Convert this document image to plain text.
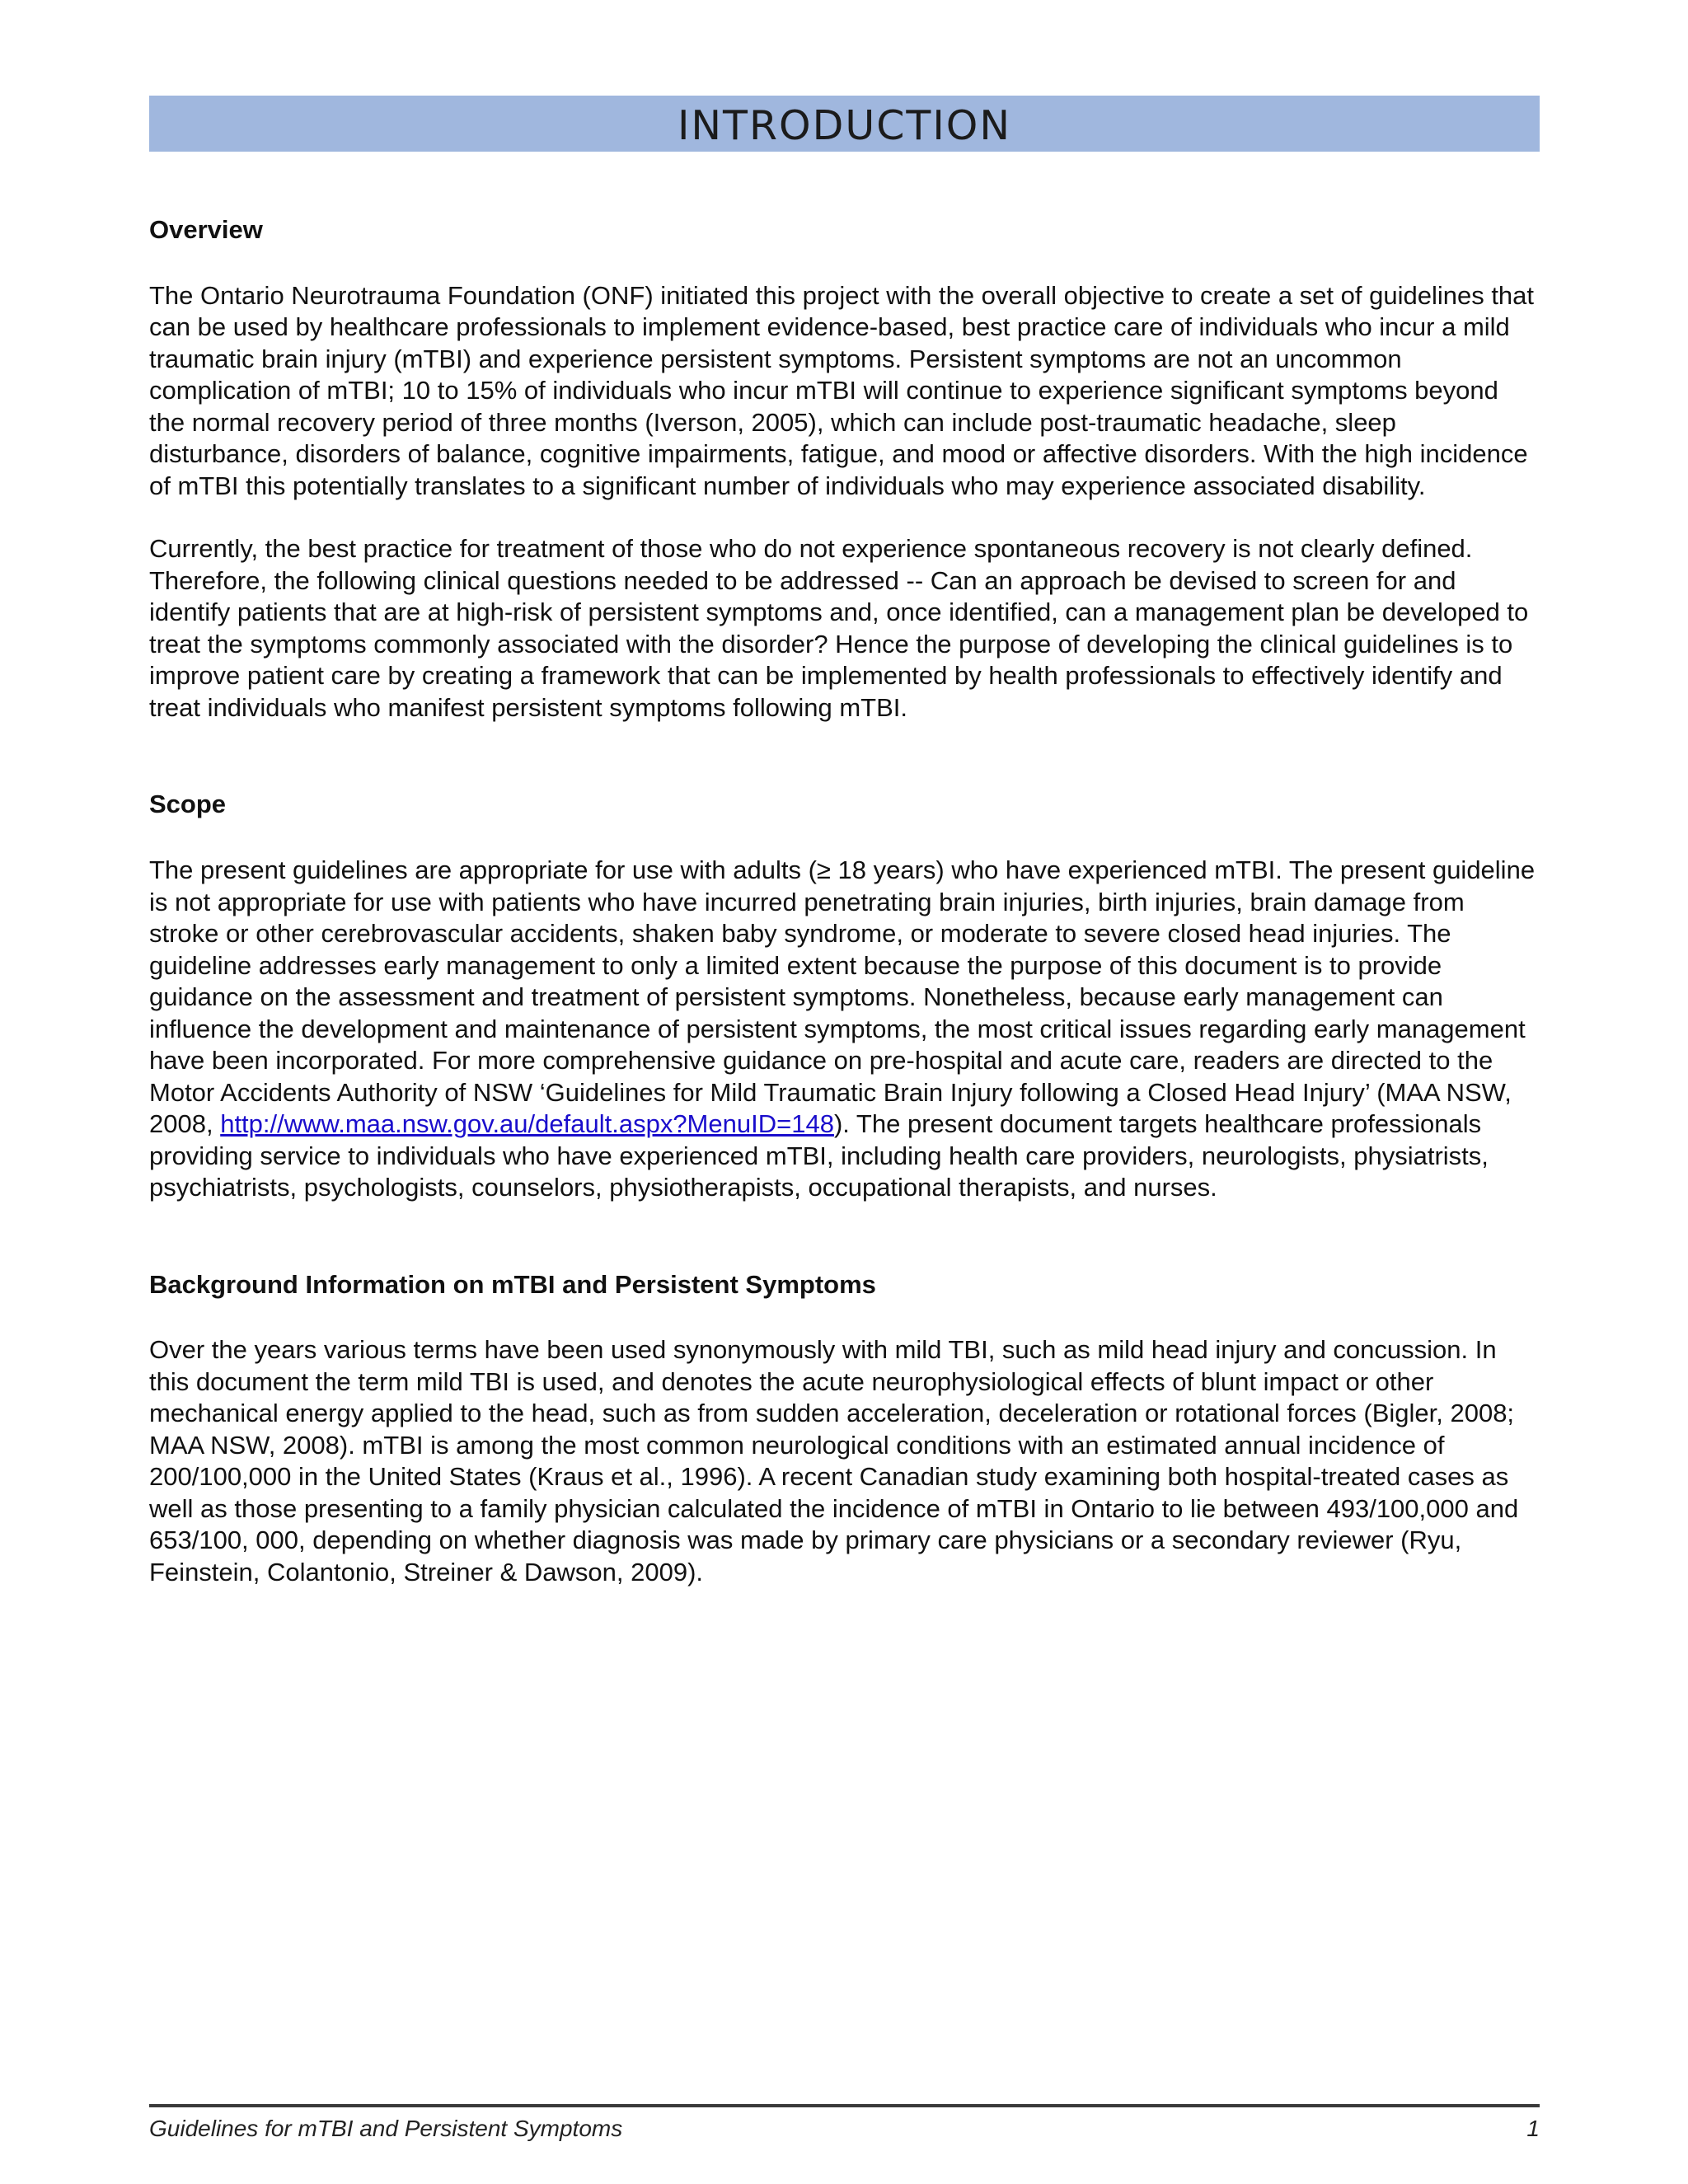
INTRODUCTION
Overview

The Ontario Neurotrauma Foundation (ONF) initiated this project with the overall objective to create a set of guidelines that can be used by healthcare professionals to implement evidence-based, best practice care of individuals who incur a mild traumatic brain injury (mTBI) and experience persistent symptoms. Persistent symptoms are not an uncommon complication of mTBI; 10 to 15% of individuals who incur mTBI will continue to experience significant symptoms beyond the normal recovery period of three months (Iverson, 2005), which can include post-traumatic headache, sleep disturbance, disorders of balance, cognitive impairments, fatigue, and mood or affective disorders. With the high incidence of mTBI this potentially translates to a significant number of individuals who may experience associated disability.

Currently, the best practice for treatment of those who do not experience spontaneous recovery is not clearly defined. Therefore, the following clinical questions needed to be addressed -- Can an approach be devised to screen for and identify patients that are at high-risk of persistent symptoms and, once identified, can a management plan be developed to treat the symptoms commonly associated with the disorder? Hence the purpose of developing the clinical guidelines is to improve patient care by creating a framework that can be implemented by health professionals to effectively identify and treat individuals who manifest persistent symptoms following mTBI.

Scope

The present guidelines are appropriate for use with adults (≥ 18 years) who have experienced mTBI. The present guideline is not appropriate for use with patients who have incurred penetrating brain injuries, birth injuries, brain damage from stroke or other cerebrovascular accidents, shaken baby syndrome, or moderate to severe closed head injuries. The guideline addresses early management to only a limited extent because the purpose of this document is to provide guidance on the assessment and treatment of persistent symptoms. Nonetheless, because early management can influence the development and maintenance of persistent symptoms, the most critical issues regarding early management have been incorporated. For more comprehensive guidance on pre-hospital and acute care, readers are directed to the Motor Accidents Authority of NSW ‘Guidelines for Mild Traumatic Brain Injury following a Closed Head Injury’ (MAA NSW, 2008, http://www.maa.nsw.gov.au/default.aspx?MenuID=148). The present document targets healthcare professionals providing service to individuals who have experienced mTBI, including health care providers, neurologists, physiatrists, psychiatrists, psychologists, counselors, physiotherapists, occupational therapists, and nurses.

Background Information on mTBI and Persistent Symptoms

Over the years various terms have been used synonymously with mild TBI, such as mild head injury and concussion. In this document the term mild TBI is used, and denotes the acute neurophysiological effects of blunt impact or other mechanical energy applied to the head, such as from sudden acceleration, deceleration or rotational forces (Bigler, 2008; MAA NSW, 2008). mTBI is among the most common neurological conditions with an estimated annual incidence of 200/100,000 in the United States (Kraus et al., 1996). A recent Canadian study examining both hospital-treated cases as well as those presenting to a family physician calculated the incidence of mTBI in Ontario to lie between 493/100,000 and 653/100, 000, depending on whether diagnosis was made by primary care physicians or a secondary reviewer (Ryu, Feinstein, Colantonio, Streiner & Dawson, 2009).

Guidelines for mTBI and Persistent Symptoms	1
